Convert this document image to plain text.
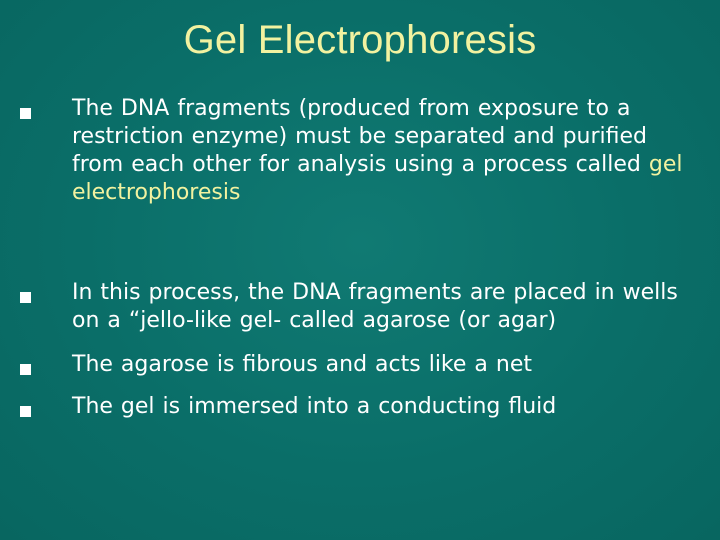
Gel Electrophoresis
The DNA fragments (produced from exposure to a restriction enzyme) must be separated and purified from each other for analysis using a process called gel electrophoresis
In this process, the DNA fragments are placed in wells on a “jello-like gel- called agarose (or agar)
The agarose is fibrous and acts like a net
The gel is immersed into a conducting fluid
